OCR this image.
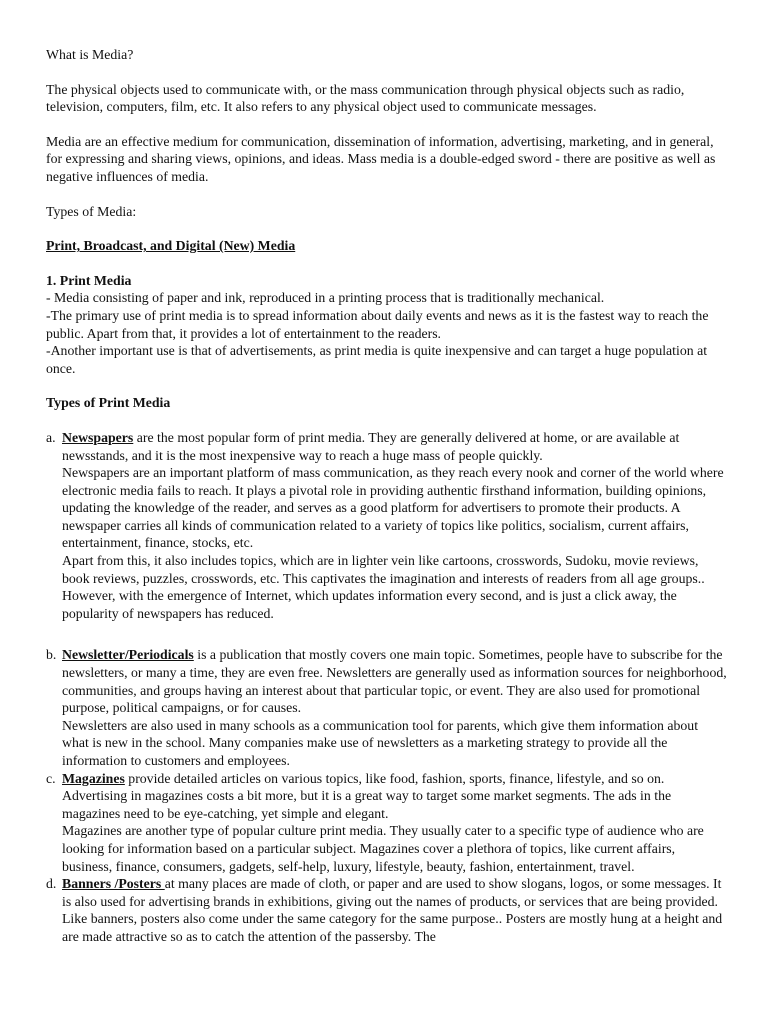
What is Media?

The physical objects used to communicate with, or the mass communication through physical objects such as radio, television, computers, film, etc. It also refers to any physical object used to communicate messages.

Media are an effective medium for communication, dissemination of information, advertising, marketing, and in general, for expressing and sharing views, opinions, and ideas. Mass media is a double-edged sword - there are positive as well as negative influences of media.

Types of Media:

Print, Broadcast, and Digital (New) Media

1. Print Media

- Media consisting of paper and ink, reproduced in a printing process that is traditionally mechanical.

-The primary use of print media is to spread information about daily events and news as it is the fastest way to reach the public. Apart from that, it provides a lot of entertainment to the readers.

-Another important use is that of advertisements, as print media is quite inexpensive and can target a huge population at once.

Types of Print Media

a. Newspapers are the most popular form of print media. They are generally delivered at home, or are available at newsstands, and it is the most inexpensive way to reach a huge mass of people quickly.

Newspapers are an important platform of mass communication, as they reach every nook and corner of the world where electronic media fails to reach. It plays a pivotal role in providing authentic firsthand information, building opinions, updating the knowledge of the reader, and serves as a good platform for advertisers to promote their products. A newspaper carries all kinds of communication related to a variety of topics like politics, socialism, current affairs, entertainment, finance, stocks, etc.

Apart from this, it also includes topics, which are in lighter vein like cartoons, crosswords, Sudoku, movie reviews, book reviews, puzzles, crosswords, etc. This captivates the imagination and interests of readers from all age groups.. However, with the emergence of Internet, which updates information every second, and is just a click away, the popularity of newspapers has reduced.

b. Newsletter/Periodicals is a publication that mostly covers one main topic. Sometimes, people have to subscribe for the newsletters, or many a time, they are even free. Newsletters are generally used as information sources for neighborhood, communities, and groups having an interest about that particular topic, or event. They are also used for promotional purpose, political campaigns, or for causes.

Newsletters are also used in many schools as a communication tool for parents, which give them information about what is new in the school. Many companies make use of newsletters as a marketing strategy to provide all the information to customers and employees.

c. Magazines provide detailed articles on various topics, like food, fashion, sports, finance, lifestyle, and so on. Advertising in magazines costs a bit more, but it is a great way to target some market segments. The ads in the magazines need to be eye-catching, yet simple and elegant.

Magazines are another type of popular culture print media. They usually cater to a specific type of audience who are looking for information based on a particular subject. Magazines cover a plethora of topics, like current affairs, business, finance, consumers, gadgets, self-help, luxury, lifestyle, beauty, fashion, entertainment, travel.

d. Banners /Posters at many places are made of cloth, or paper and are used to show slogans, logos, or some messages. It is also used for advertising brands in exhibitions, giving out the names of products, or services that are being provided. Like banners, posters also come under the same category for the same purpose.. Posters are mostly hung at a height and are made attractive so as to catch the attention of the passersby. The
